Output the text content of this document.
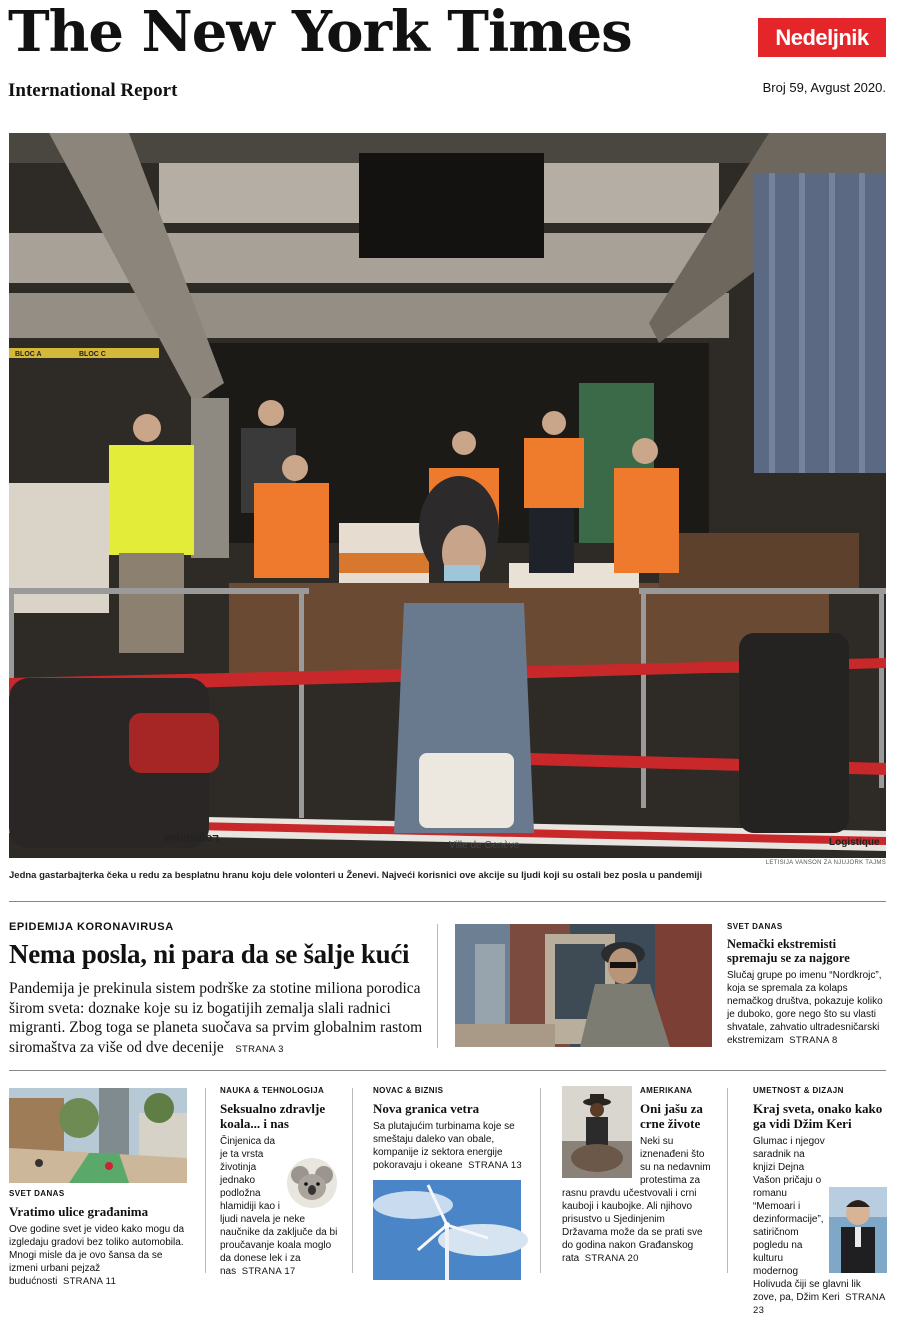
The New York Times	Nedeljnik
International Report	Broj 59, Avgust 2020.
BLOC A	BLOC C
Logistique
Ville de Genève	Logistique
LETISIJA VANSON ZA NJUJORK TAJMS
Jedna gastarbajterka čeka u redu za besplatnu hranu koju dele volonteri u Ženevi. Najveći korisnici ove akcije su ljudi koji su ostali bez posla u pandemiji
EPIDEMIJA KORONAVIRUSA
Nema posla, ni para da se šalje kući
Pandemija je prekinula sistem podrške za stotine miliona porodica širom sveta: doznake koje su iz bogatijih zemalja slali radnici migranti. Zbog toga se planeta suočava sa prvim globalnim rastom siromaštva za više od dve decenije STRANA 3
SVET DANAS
Nemački ekstremisti spremaju se za najgore
Slučaj grupe po imenu “Nordkrojc”, koja se spremala za kolaps nemačkog društva, pokazuje koliko je duboko, gore nego što su vlasti shvatale, zahvatio ultradesničarski ekstremizam STRANA 8
SVET DANAS
Vratimo ulice građanima
Ove godine svet je video kako mogu da izgledaju gradovi bez toliko automobila. Mnogi misle da je ovo šansa da se izmeni urbani pejzaž budućnosti STRANA 11
NAUKA & TEHNOLOGIJA
Seksualno zdravlje koala... i nas
Činjenica da je ta vrsta životinja jednako podložna hlamidiji kao i ljudi navela je neke naučnike da zaključe da bi proučavanje koala moglo da donese lek i za nas STRANA 17
NOVAC & BIZNIS
Nova granica vetra
Sa plutajućim turbinama koje se smeštaju daleko van obale, kompanije iz sektora energije pokoravaju i okeane STRANA 13
AMERIKANA
Oni jašu za crne živote
Neki su iznenađeni što su na nedavnim protestima za rasnu pravdu učestvovali i crni kauboji i kaubojke. Ali njihovo prisustvo u Sjedinjenim Državama može da se prati sve do godina nakon Građanskog rata STRANA 20
UMETNOST & DIZAJN
Kraj sveta, onako kako ga vidi Džim Keri
Glumac i njegov saradnik na knjizi Dejna Vašon pričaju o romanu “Memoari i dezinformacije”, satiričnom pogledu na kulturu modernog Holivuda čiji se glavni lik zove, pa, Džim Keri STRANA 23
